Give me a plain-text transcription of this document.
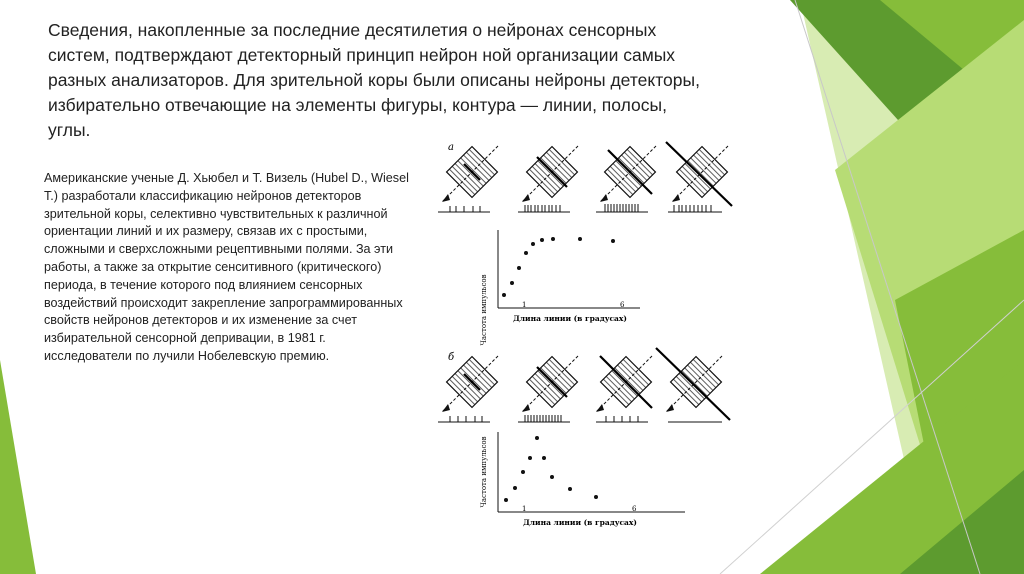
Сведения, накопленные за последние десятилетия о нейронах сенсорных систем, подтверждают детекторный принцип нейрон ной организации самых разных анализаторов. Для зрительной коры были описаны нейроны детекторы, избирательно отвечающие на элементы фигуры, контура — линии, полосы, углы.

Американские ученые Д. Хьюбел и Т. Визель (Hubel D., Wiesel T.) разработали классификацию нейронов детекторов зрительной коры, селективно чувствительных к различной ориентации линий и их размеру, связав их с простыми, сложными и сверхсложными рецептивными полями. За эти работы, а также за открытие сенситивного (критического) периода, в течение которого под влиянием сенсорных воздействий происходит закрепление запрограммированных свойств нейронов детекторов и их изменение за счет избирательной сенсорной депривации, в 1981 г. исследователи по лучили Нобелевскую премию.

а
Частота импульсов	1	6
Длина линии (в градусах)
б
Частота импульсов
1	6
Длина линии (в градусах)
